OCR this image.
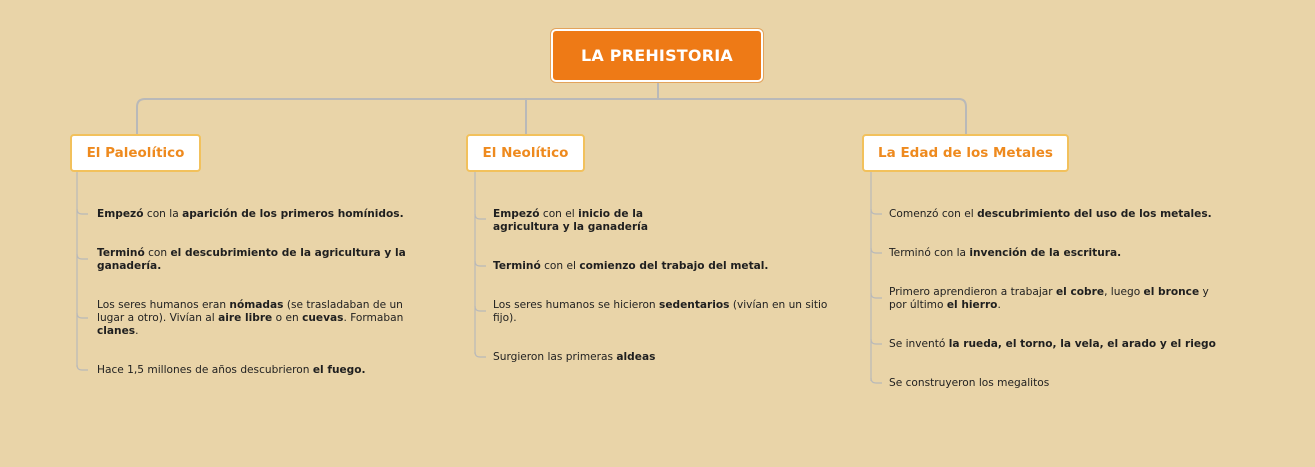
LA PREHISTORIA
El Paleolítico	El Neolítico	La Edad de los Metales
Empezó con la aparición de los primeros homínidos.
Terminó con el descubrimiento de la agricultura y la
ganadería.
Los seres humanos eran nómadas (se trasladaban de un
lugar a otro). Vivían al aire libre o en cuevas. Formaban
clanes.
Hace 1,5 millones de años descubrieron el fuego.
Empezó con el inicio de la
agricultura y la ganadería
Terminó con el comienzo del trabajo del metal.
Los seres humanos se hicieron sedentarios (vivían en un sitio
fijo).
Surgieron las primeras aldeas
Comenzó con el descubrimiento del uso de los metales.
Terminó con la invención de la escritura.
Primero aprendieron a trabajar el cobre, luego el bronce y
por último el hierro.
Se inventó la rueda, el torno, la vela, el arado y el riego
Se construyeron los megalitos
